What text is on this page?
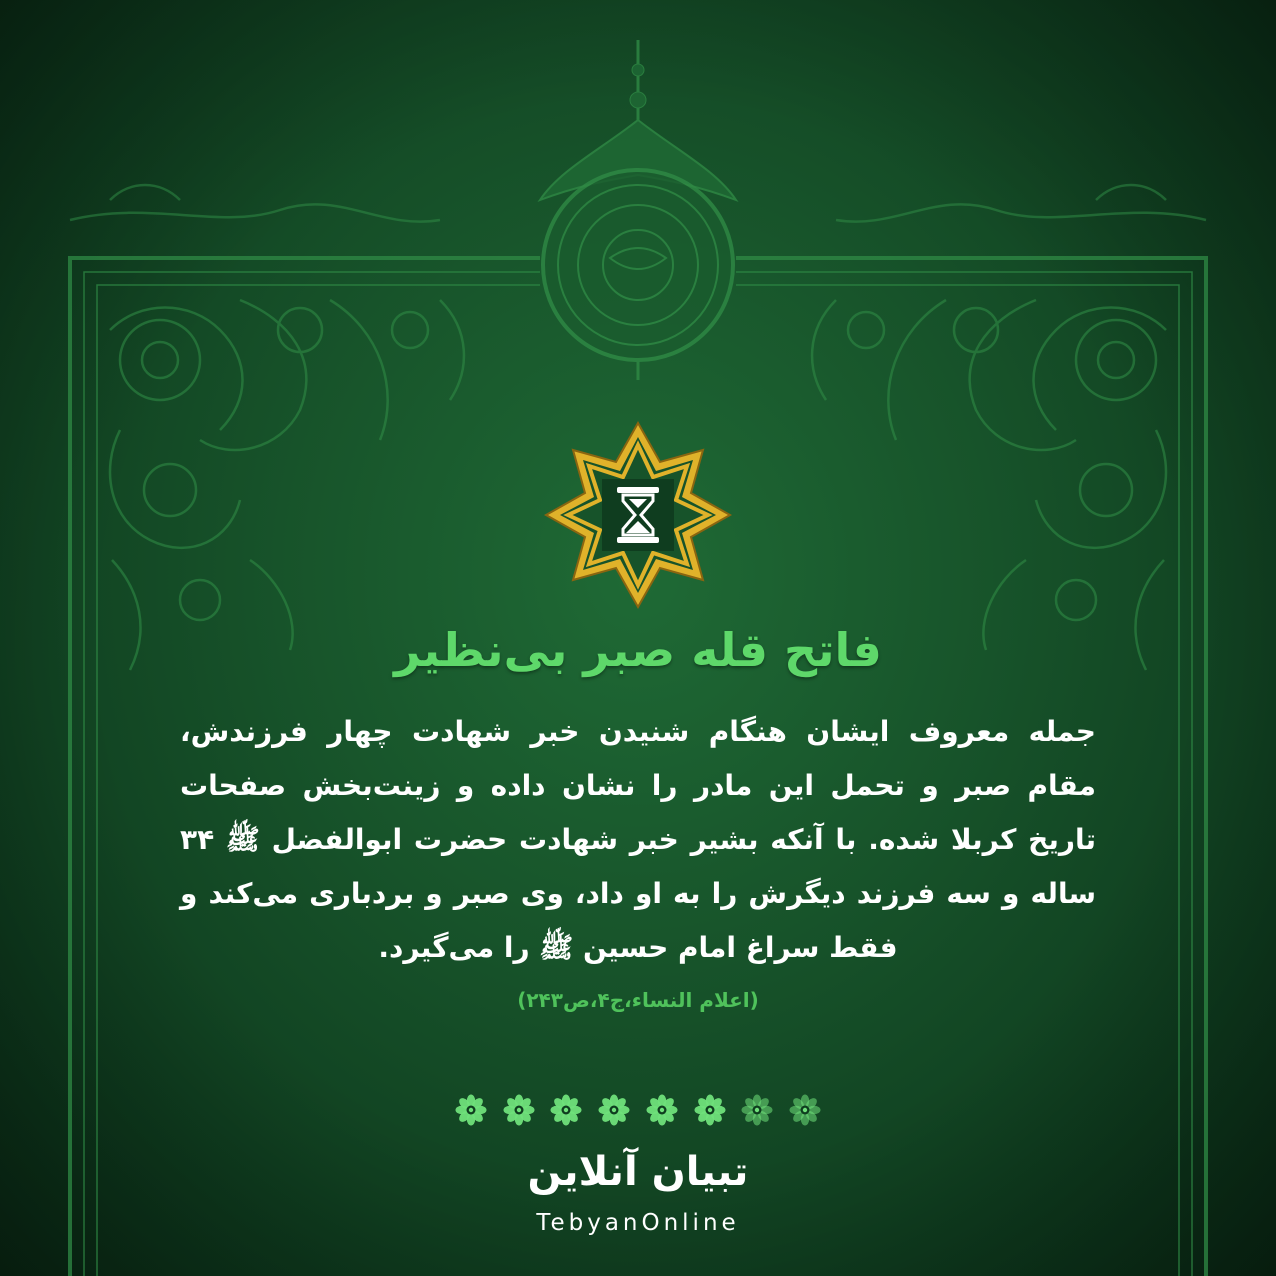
فاتح قله صبر بی‌نظیر

جمله معروف ایشان هنگام شنیدن خبر شهادت چهار فرزندش، مقام صبر و تحمل این مادر را نشان داده و زینت‌بخش صفحات تاریخ کربلا شده. با آنکه بشیر خبر شهادت حضرت ابوالفضل ﷺ ۳۴ ساله و سه فرزند دیگرش را به او داد، وی صبر و بردباری می‌کند و فقط سراغ امام حسین ﷺ را می‌گیرد.

(اعلام النساء،ج۴،ص۲۴۳)
تبیان آنلاین
TebyanOnline
